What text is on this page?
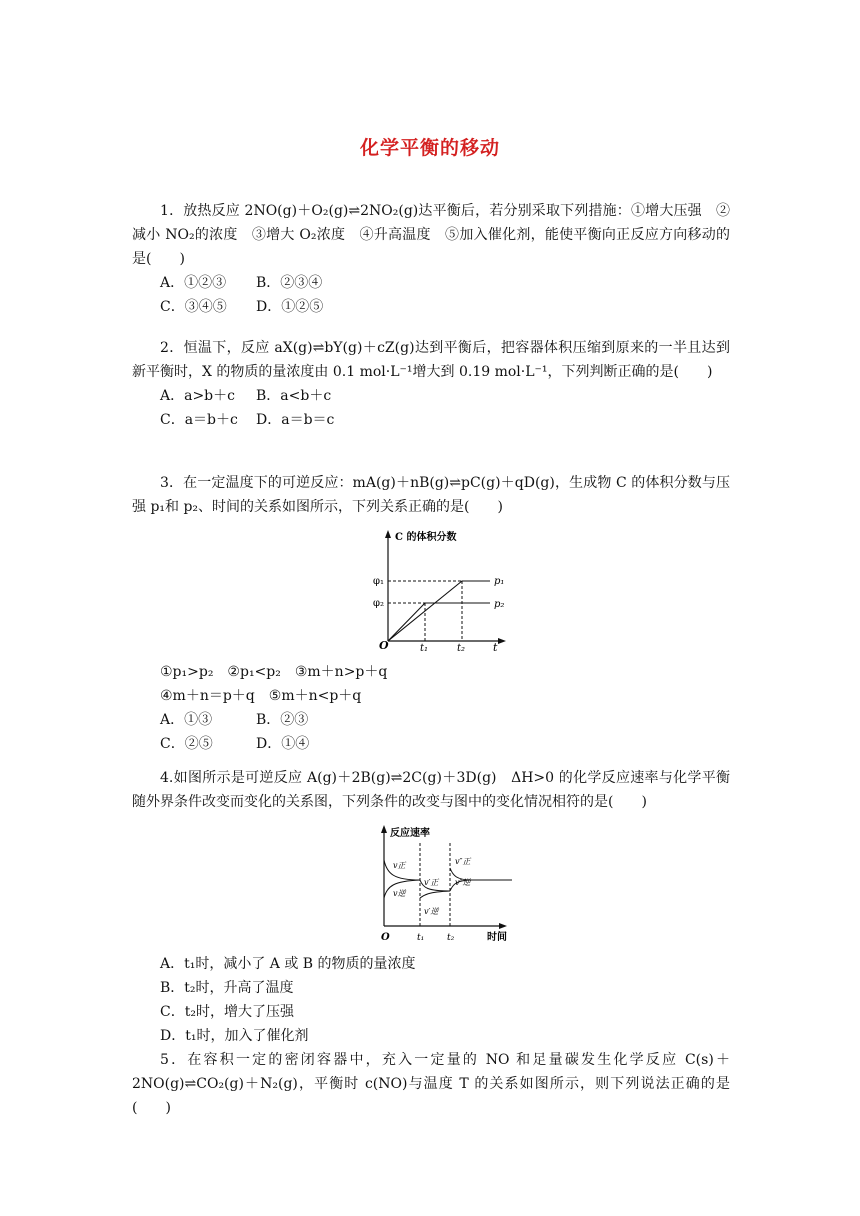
化学平衡的移动

1．放热反应 2NO(g)＋O₂(g)⇌2NO₂(g)达平衡后，若分别采取下列措施：①增大压强　②减小 NO₂的浓度　③增大 O₂浓度　④升高温度　⑤加入催化剂，能使平衡向正反应方向移动的是(　　)

A．①②③ B．②③④

C．③④⑤ D．①②⑤

2．恒温下，反应 aX(g)⇌bY(g)＋cZ(g)达到平衡后，把容器体积压缩到原来的一半且达到新平衡时，X 的物质的量浓度由 0.1 mol·L⁻¹增大到 0.19 mol·L⁻¹，下列判断正确的是(　　)

A．a>b＋c B．a<b＋c

C．a＝b＋c D．a＝b＝c

3．在一定温度下的可逆反应：mA(g)＋nB(g)⇌pC(g)＋qD(g)，生成物 C 的体积分数与压强 p₁和 p₂、时间的关系如图所示，下列关系正确的是(　　)

C 的体积分数
O	t
φ₁
φ₂
p₁
p₂
t₁	t₂

①p₁>p₂　②p₁<p₂　③m＋n>p＋q

④m＋n＝p＋q　⑤m＋n<p＋q

A．①③	B．②③

C．②⑤	D．①④

4.如图所示是可逆反应 A(g)＋2B(g)⇌2C(g)＋3D(g)　ΔH>0 的化学反应速率与化学平衡随外界条件改变而变化的关系图，下列条件的改变与图中的变化情况相符的是(　　)

反应速率
O	时间
t₁	t₂
v正
v逆
v′正
v′逆
v″正
v″逆

A．t₁时，减小了 A 或 B 的物质的量浓度

B．t₂时，升高了温度

C．t₂时，增大了压强

D．t₁时，加入了催化剂

5．在容积一定的密闭容器中，充入一定量的 NO 和足量碳发生化学反应 C(s)＋2NO(g)⇌CO₂(g)＋N₂(g)，平衡时 c(NO)与温度 T 的关系如图所示，则下列说法正确的是(　　)
